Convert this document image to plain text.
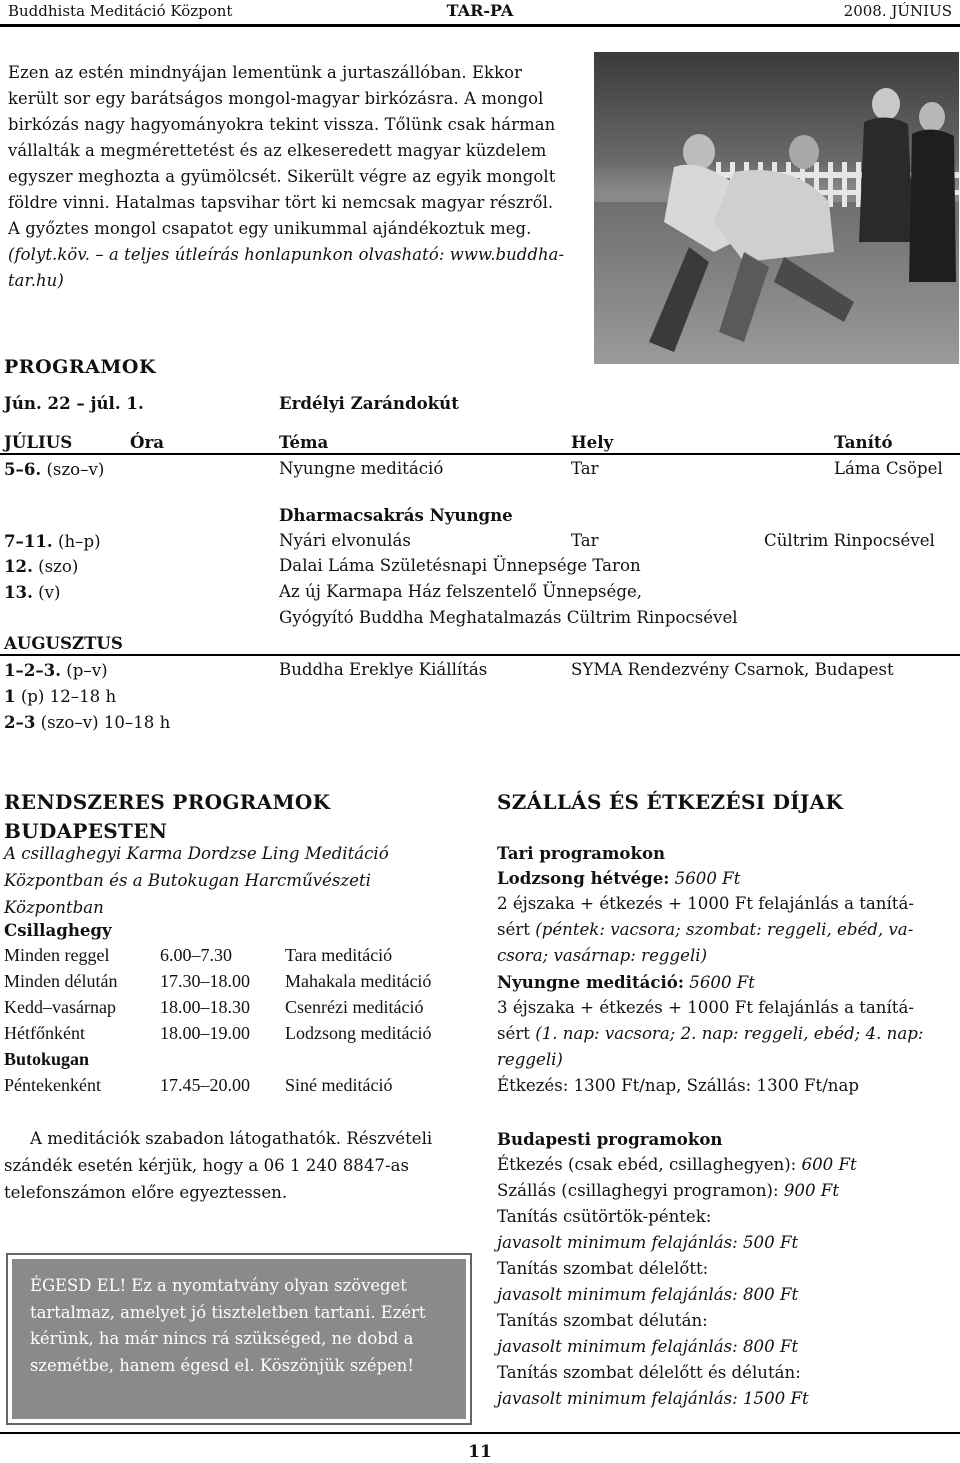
Buddhista Meditáció Központ	TAR-PA	2008. JÚNIUS
Ezen az estén mindnyájan lementünk a jurtaszállóban. Ekkor került sor egy barátságos mongol-magyar birkózásra. A mongol birkózás nagy hagyományokra tekint vissza. Tőlünk csak hárman vállalták a megmérettetést és az elkeseredett magyar küzdelem egyszer meghozta a gyümölcsét. Sikerült végre az egyik mongolt földre vinni. Hatalmas tapsvihar tört ki nemcsak magyar részről. A győztes mongol csapatot egy unikummal ajándékoztuk meg.
(folyt.köv. – a teljes útleírás honlapunkon olvasható: www.buddha-tar.hu)
PROGRAMOK
Jún. 22 – júl. 1.	Erdélyi Zarándokút
JÚLIUS	Óra	Téma	Hely	Tanító
5–6. (szo–v)	Nyungne meditáció	Tar	Láma Csöpel
Dharmacsakrás Nyungne
7–11. (h–p)	Nyári elvonulás	Tar	Cültrim Rinpocsével
12. (szo)	Dalai Láma Születésnapi Ünnepsége Taron
13. (v)	Az új Karmapa Ház felszentelő Ünnepsége,
Gyógyító Buddha Meghatalmazás Cültrim Rinpocsével
AUGUSZTUS
1–2–3. (p–v)	Buddha Ereklye Kiállítás	SYMA Rendezvény Csarnok, Budapest
1 (p) 12–18 h
2–3 (szo–v) 10–18 h
RENDSZERES PROGRAMOK
BUDAPESTEN
A csillaghegyi Karma Dordzse Ling Meditáció Központban és a Butokugan Harcművészeti Központban
Csillaghegy
Minden reggel	6.00–7.30	Tara meditáció
Minden délután 17.30–18.00 Mahakala meditáció
Kedd–vasárnap 18.00–18.30 Csenrézi meditáció
Hétfőnként	18.00–19.00 Lodzsong meditáció
Butokugan
Péntekenként	17.45–20.00 Siné meditáció
A meditációk szabadon látogathatók. Részvételi szándék esetén kérjük, hogy a 06 1 240 8847-as telefonszámon előre egyeztessen.
ÉGESD EL! Ez a nyomtatvány olyan szöveget tartalmaz, amelyet jó tiszteletben tartani. Ezért kérünk, ha már nincs rá szükséged, ne dobd a szemétbe, hanem égesd el. Köszönjük szépen!
SZÁLLÁS ÉS ÉTKEZÉSI DÍJAK
Tari programokon
Lodzsong hétvége: 5600 Ft
2 éjszaka + étkezés + 1000 Ft felajánlás a tanítá-
sért (péntek: vacsora; szombat: reggeli, ebéd, va-
csora; vasárnap: reggeli)
Nyungne meditáció: 5600 Ft
3 éjszaka + étkezés + 1000 Ft felajánlás a tanítá-
sért (1. nap: vacsora; 2. nap: reggeli, ebéd; 4. nap:
reggeli)
Étkezés: 1300 Ft/nap, Szállás: 1300 Ft/nap
Budapesti programokon
Étkezés (csak ebéd, csillaghegyen): 600 Ft
Szállás (csillaghegyi programon): 900 Ft
Tanítás csütörtök-péntek:
javasolt minimum felajánlás: 500 Ft
Tanítás szombat délelőtt:
javasolt minimum felajánlás: 800 Ft
Tanítás szombat délután:
javasolt minimum felajánlás: 800 Ft
Tanítás szombat délelőtt és délután:
javasolt minimum felajánlás: 1500 Ft
11
